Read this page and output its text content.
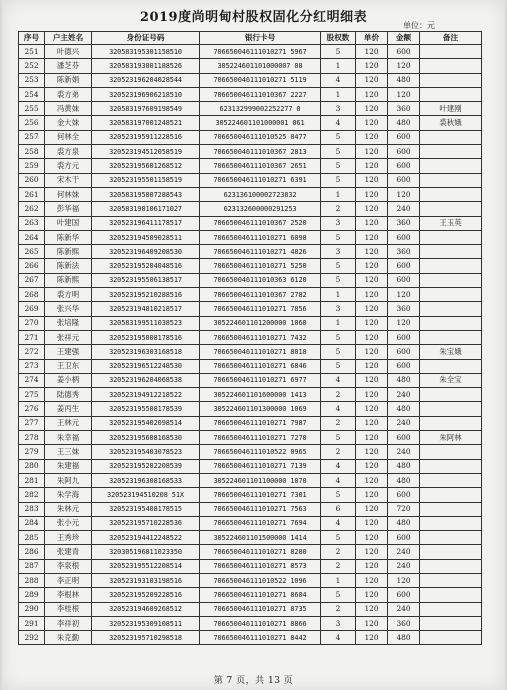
2019度尚明甸村股权固化分红明细表
单位：元
序号	户主姓名	身份证号码	银行卡号	股权数	单价	金额	备注
251	叶德兴	320583195301158510	706650046111010271 5967	5	120	600	
252	潘芝芬	320583193801188526	305224601101000007 08	1	120	120	
253	陈新娟	320523196204028544	706650046111010271 5119	4	120	480	
254	裘方弟	320523196906218510	706650046111010367 2227	1	120	120	
255	冯黄妹	320583197609198549	623132999002252277 0	3	120	360	叶建刚
256	金大妹	320583197001248521	305224601101000001 061	4	120	480	裘秋娥
257	何林全	320523195911228516	706650046111010525 8477	5	120	600	
258	裘方泉	320523194512058519	706650046111010367 2813	5	120	600	
259	裘方元	320523195601268512	706650046111010367 2651	5	120	600	
260	宋木干	320523195501158519	706650046111010271 6391	5	120	600	
261	何林妹	320583195807288543	623136100002723832	1	120	120	
262	彭华福	320583198106171027	623132600000291253	2	120	240	
263	叶建国	320523196411178517	706650046111010367 2520	3	120	360	王玉英
264	陈新华	320523194509028511	706650046111010271 6098	5	120	600	
265	陈新熙	320523196409208530	706650046111010271 4826	3	120	360	
266	陈新法	320523195204048516	706650046111010271 5250	5	120	600	
267	陈新熙	320523195506138517	706650046111010363 6120	5	120	600	
268	裘方明	320523195210288516	706650046111010367 2782	1	120	120	
269	张兴华	320523194810218517	706650046111010271 7856	3	120	360	
270	张培隆	320583199511038523	305224601101200000 1060	1	120	120	
271	张祥元	320523195008178516	706650046111010271 7432	5	120	600	
272	王建强	320523196303168518	706650046111010271 8018	5	120	600	朱宝娥
273	王卫东	320523196512248530	706650046111010271 6846	5	120	600	
274	姜小柄	320523196204068538	706650046111010271 6977	4	120	480	朱全宝
275	陆德秀	320523194912218522	305224601101600000 1413	2	120	240	
276	姜丙生	320523195508178539	305224601101300000 1069	4	120	480	
277	王林元	320523195402098514	706650046111010271 7987	2	120	240	
278	朱幸福	320523195608168530	706650046111010271 7270	5	120	600	朱阿林
279	王三妹	320523195403078523	706650046111010522 0965	2	120	240	
280	朱建福	320523195202208539	706650046111010271 7139	4	120	480	
281	朱阿九	320523196308168533	305224601101100000 1070	4	120	480	
282	朱学海	320523194510208 51X	706650046111010271 7301	5	120	600	
283	朱林元	320523195408178515	706650046111010271 7563	6	120	720	
284	张小元	320523195710228536	706650046111010271 7694	4	120	480	
285	王秀珍	320523194412248522	305224601101500000 1414	5	120	600	
286	张建青	320305196811023350	706650046111010271 8280	2	120	240	
287	李泉根	320523195512208514	706650046111010271 8573	2	120	240	
288	李正明	320523193103198516	706650046111010522 1096	1	120	120	
289	李根林	320523195209228516	706650046111010271 8604	5	120	600	
290	李桂根	320523194609268512	706650046111010271 8735	2	120	240	
291	李祥初	320523195309108511	706650046111010271 8866	3	120	360	
292	朱克勤	320523195710298518	706650046111010271 8442	4	120	480	
第 7 页，共 13 页
